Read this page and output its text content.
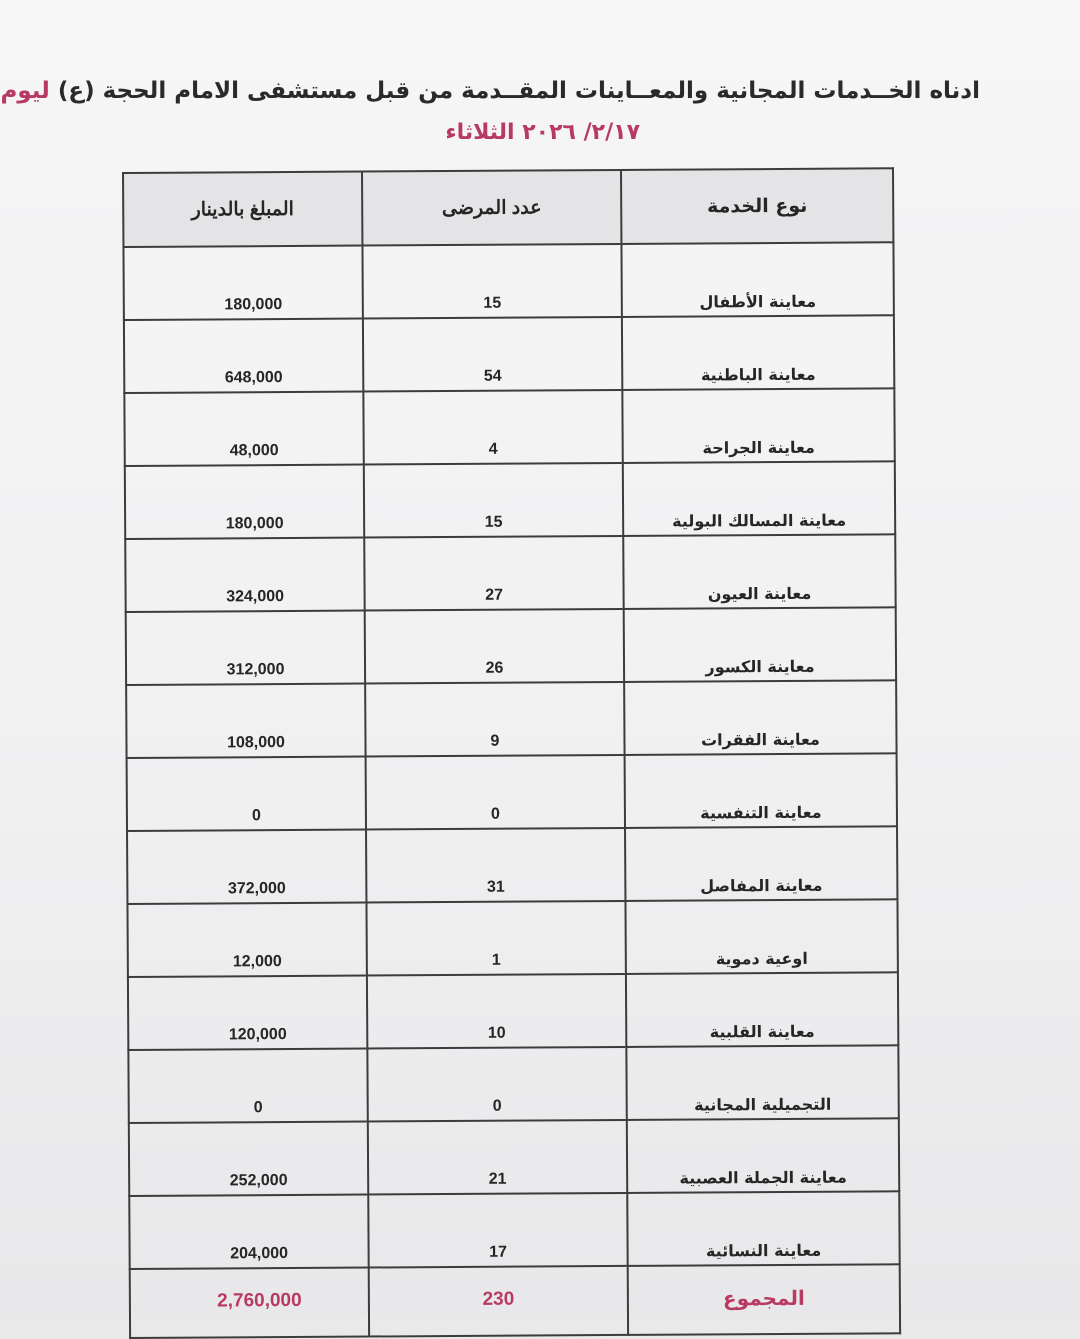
ادناه الخــدمات المجانية والمعــاينات المقــدمة من قبل مستشفى الامام الحجة (ع) ليوم
٢/١٧/ ٢٠٢٦ الثلاثاء
نوع الخدمة	عدد المرضى	المبلغ بالدينار
معاينة الأطفال	15	180,000
معاينة الباطنية	54	648,000
معاينة الجراحة	4	48,000
معاينة المسالك البولية	15	180,000
معاينة العيون	27	324,000
معاينة الكسور	26	312,000
معاينة الفقرات	9	108,000
معاينة التنفسية	0	0
معاينة المفاصل	31	372,000
اوعية دموية	1	12,000
معاينة القلبية	10	120,000
التجميلية المجانية	0	0
معاينة الجملة العصبية	21	252,000
معاينة النسائية	17	204,000
المجموع	230	2,760,000
